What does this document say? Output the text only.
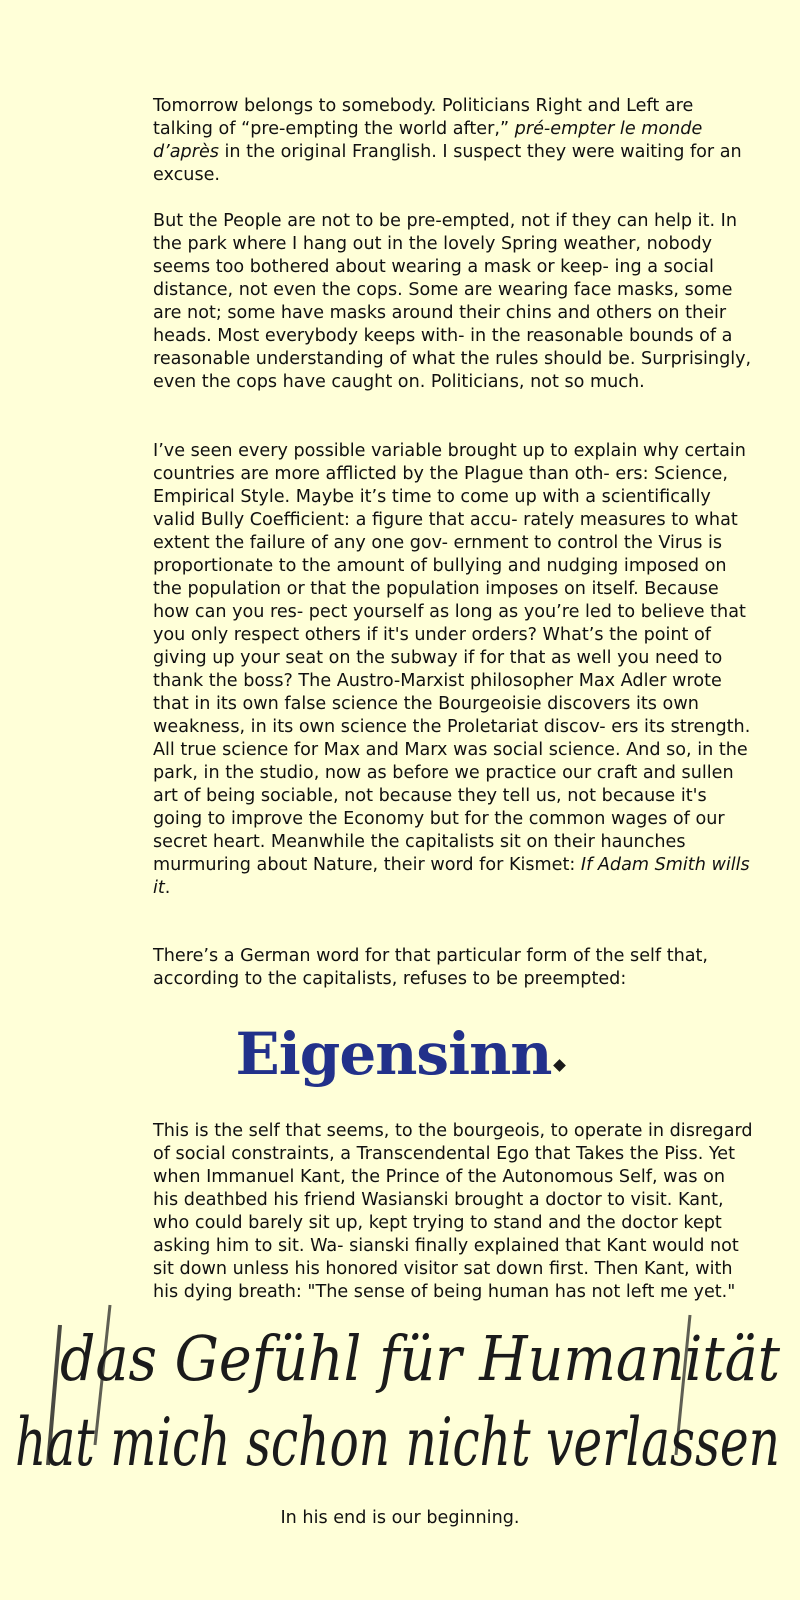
Tomorrow belongs to somebody. Politicians Right and Left are talking of “pre-empting the world after,” pré-empter le monde d’après in the original Franglish. I suspect they were waiting for an excuse.

But the People are not to be pre-empted, not if they can help it. In the park where I hang out in the lovely Spring weather, nobody seems too bothered about wearing a mask or keep- ing a social distance, not even the cops. Some are wearing face masks, some are not; some have masks around their chins and others on their heads. Most everybody keeps with- in the reasonable bounds of a reasonable understanding of what the rules should be. Surprisingly, even the cops have caught on. Politicians, not so much.

I’ve seen every possible variable brought up to explain why certain countries are more afflicted by the Plague than oth- ers: Science, Empirical Style. Maybe it’s time to come up with a scientifically valid Bully Coefficient: a figure that accu- rately measures to what extent the failure of any one gov- ernment to control the Virus is proportionate to the amount of bullying and nudging imposed on the population or that the population imposes on itself. Because how can you res- pect yourself as long as you’re led to believe that you only respect others if it's under orders? What’s the point of giving up your seat on the subway if for that as well you need to thank the boss? The Austro-Marxist philosopher Max Adler wrote that in its own false science the Bourgeoisie discovers its own weakness, in its own science the Proletariat discov- ers its strength. All true science for Max and Marx was social science. And so, in the park, in the studio, now as before we practice our craft and sullen art of being sociable, not because they tell us, not because it's going to improve the Economy but for the common wages of our secret heart. Meanwhile the capitalists sit on their haunches murmuring about Nature, their word for Kismet: If Adam Smith wills it.

There’s a German word for that particular form of the self that, according to the capitalists, refuses to be preempted:

Eigensinn

This is the self that seems, to the bourgeois, to operate in disregard of social constraints, a Transcendental Ego that Takes the Piss. Yet when Immanuel Kant, the Prince of the Autonomous Self, was on his deathbed his friend Wasianski brought a doctor to visit. Kant, who could barely sit up, kept trying to stand and the doctor kept asking him to sit. Wa- sianski finally explained that Kant would not sit down unless his honored visitor sat down first. Then Kant, with his dying breath: "The sense of being human has not left me yet."

das Gefühl für Humanität
hat mich schon nicht verlassen
In his end is our beginning.
